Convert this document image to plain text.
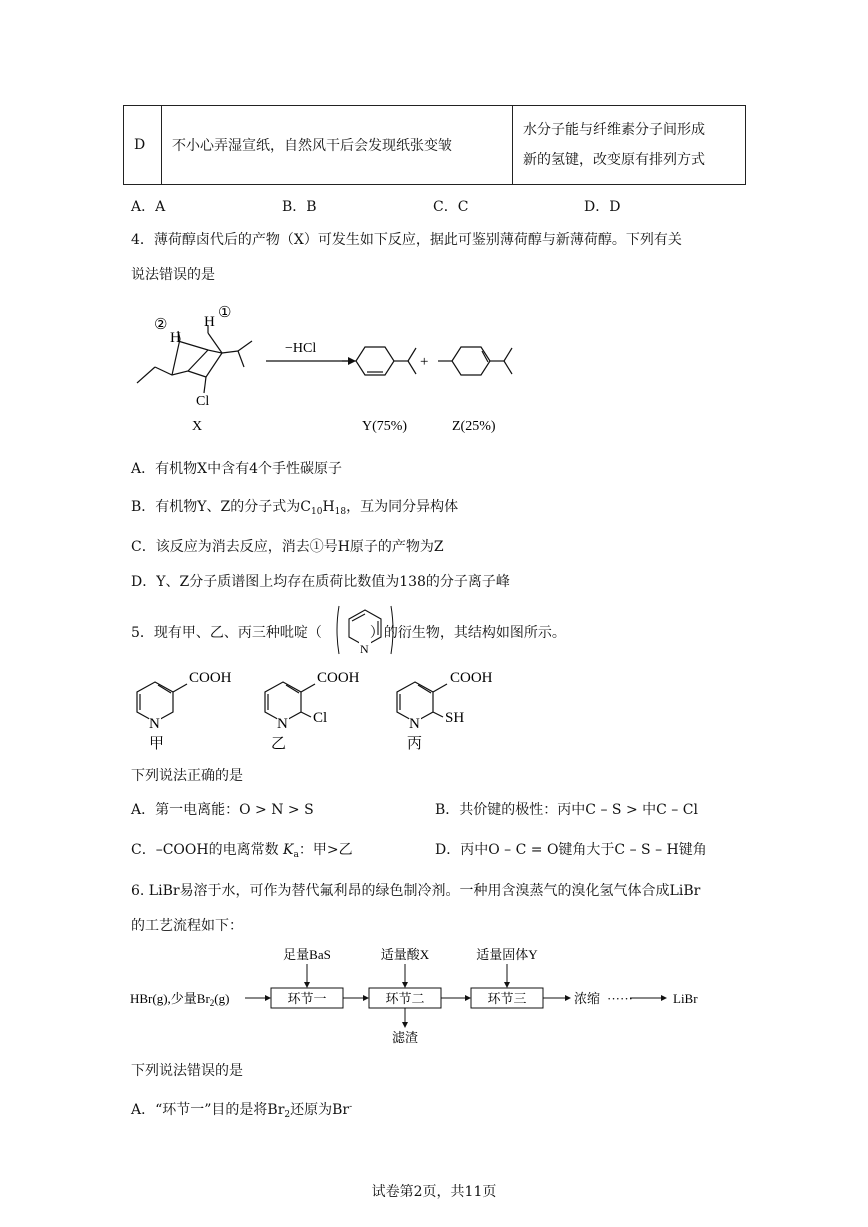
D	不小心弄湿宣纸，自然风干后会发现纸张变皱	
水分子能与纤维素分子间形成
新的氢键，改变原有排列方式
A．A	B．B	C．C	D．D
4．薄荷醇卤代后的产物（X）可发生如下反应，据此可鉴别薄荷醇与新薄荷醇。下列有关
说法错误的是
H
② H
①
Cl
X
−HCl
+
Y(75%)	Z(25%)
A．有机物X中含有4个手性碳原子
B．有机物Y、Z的分子式为$C_{10}H_{18}$，互为同分异构体
C．该反应为消去反应，消去①号H原子的产物为Z
D．Y、Z分子质谱图上均存在质荷比数值为138的分子离子峰
5．现有甲、乙、丙三种吡啶（	）的衍生物，其结构如图所示。
N
N
COOH
甲
N
COOH
Cl
乙
N
COOH
SH
丙
下列说法正确的是
A．第一电离能：O > N > S	B．共价键的极性：丙中C – S > 中C – Cl
C．–COOH的电离常数 $K_a$：甲>乙	D．丙中O – C = O键角大于C – S – H键角
6. LiBr易溶于水，可作为替代氟利昂的绿色制冷剂。一种用含溴蒸气的溴化氢气体合成LiBr
的工艺流程如下：
HBr(g),少量$Br_2(g)$	环节一	环节二	环节三	浓缩 ······	LiBr
足量BaS	适量酸X	适量固体Y
滤渣
下列说法错误的是
A．“环节一”目的是将$Br_2$还原为Br-
试卷第2页，共11页
